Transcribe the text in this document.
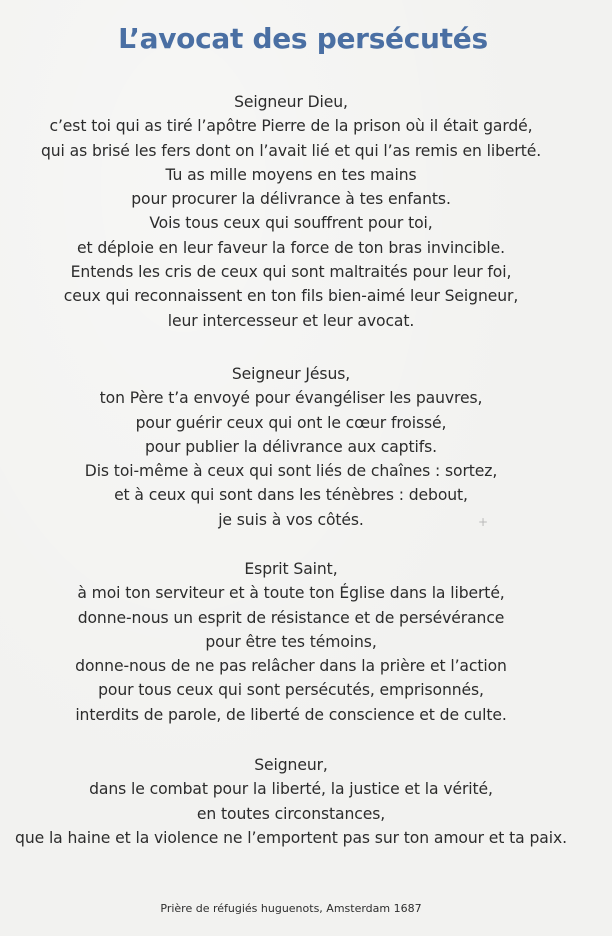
L’avocat des persécutés
Seigneur Dieu,
c’est toi qui as tiré l’apôtre Pierre de la prison où il était gardé,
qui as brisé les fers dont on l’avait lié et qui l’as remis en liberté.
Tu as mille moyens en tes mains
pour procurer la délivrance à tes enfants.
Vois tous ceux qui souffrent pour toi,
et déploie en leur faveur la force de ton bras invincible.
Entends les cris de ceux qui sont maltraités pour leur foi,
ceux qui reconnaissent en ton fils bien-aimé leur Seigneur,
leur intercesseur et leur avocat.
Seigneur Jésus,
ton Père t’a envoyé pour évangéliser les pauvres,
pour guérir ceux qui ont le cœur froissé,
pour publier la délivrance aux captifs.
Dis toi-même à ceux qui sont liés de chaînes : sortez,
et à ceux qui sont dans les ténèbres : debout,
je suis à vos côtés.	+
Esprit Saint,
à moi ton serviteur et à toute ton Église dans la liberté,
donne-nous un esprit de résistance et de persévérance
pour être tes témoins,
donne-nous de ne pas relâcher dans la prière et l’action
pour tous ceux qui sont persécutés, emprisonnés,
interdits de parole, de liberté de conscience et de culte.
Seigneur,
dans le combat pour la liberté, la justice et la vérité,
en toutes circonstances,
que la haine et la violence ne l’emportent pas sur ton amour et ta paix.

Prière de réfugiés huguenots, Amsterdam 1687
